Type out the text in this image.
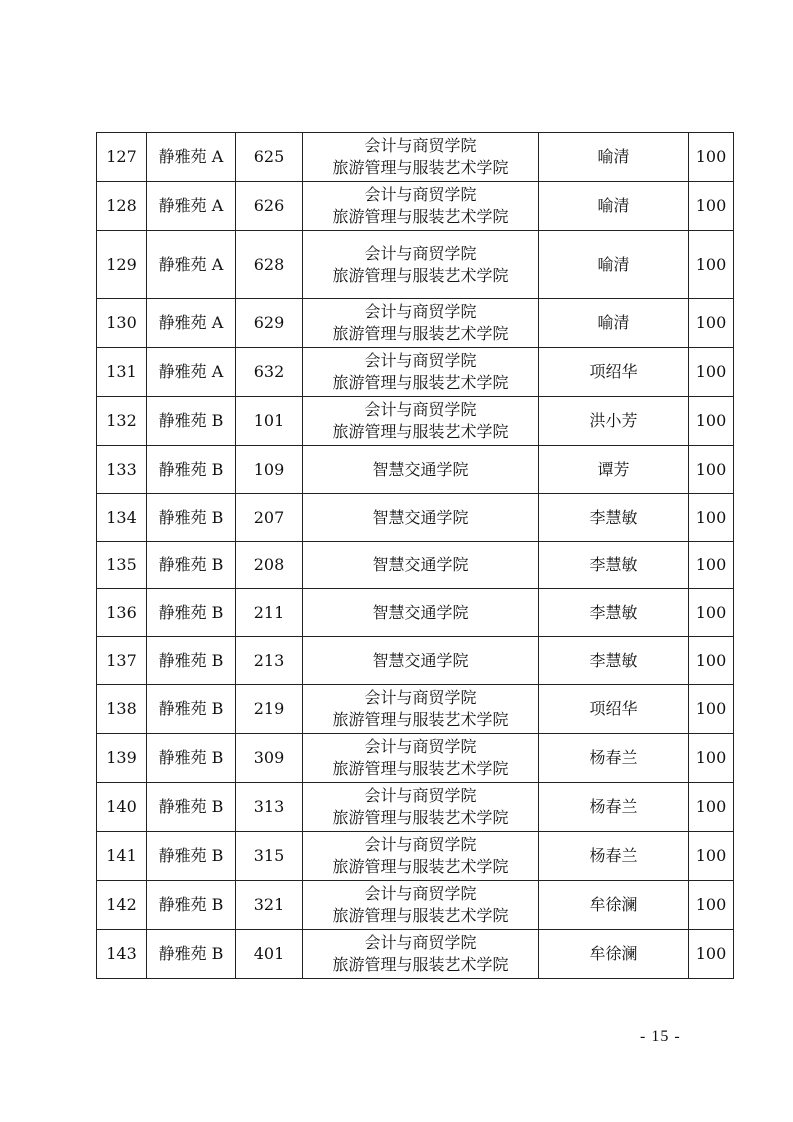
127	静雅苑 A	625	会计与商贸学院
旅游管理与服装艺术学院	喻清	100
128	静雅苑 A	626	会计与商贸学院
旅游管理与服装艺术学院	喻清	100
129	静雅苑 A	628	会计与商贸学院
旅游管理与服装艺术学院	喻清	100
130	静雅苑 A	629	会计与商贸学院
旅游管理与服装艺术学院	喻清	100
131	静雅苑 A	632	会计与商贸学院
旅游管理与服装艺术学院	项绍华	100
132	静雅苑 B	101	会计与商贸学院
旅游管理与服装艺术学院	洪小芳	100
133	静雅苑 B	109	智慧交通学院	谭芳	100
134	静雅苑 B	207	智慧交通学院	李慧敏	100
135	静雅苑 B	208	智慧交通学院	李慧敏	100
136	静雅苑 B	211	智慧交通学院	李慧敏	100
137	静雅苑 B	213	智慧交通学院	李慧敏	100
138	静雅苑 B	219	会计与商贸学院
旅游管理与服装艺术学院	项绍华	100
139	静雅苑 B	309	会计与商贸学院
旅游管理与服装艺术学院	杨春兰	100
140	静雅苑 B	313	会计与商贸学院
旅游管理与服装艺术学院	杨春兰	100
141	静雅苑 B	315	会计与商贸学院
旅游管理与服装艺术学院	杨春兰	100
142	静雅苑 B	321	会计与商贸学院
旅游管理与服装艺术学院	牟徐澜	100
143	静雅苑 B	401	会计与商贸学院
旅游管理与服装艺术学院	牟徐澜	100
- 15 -
